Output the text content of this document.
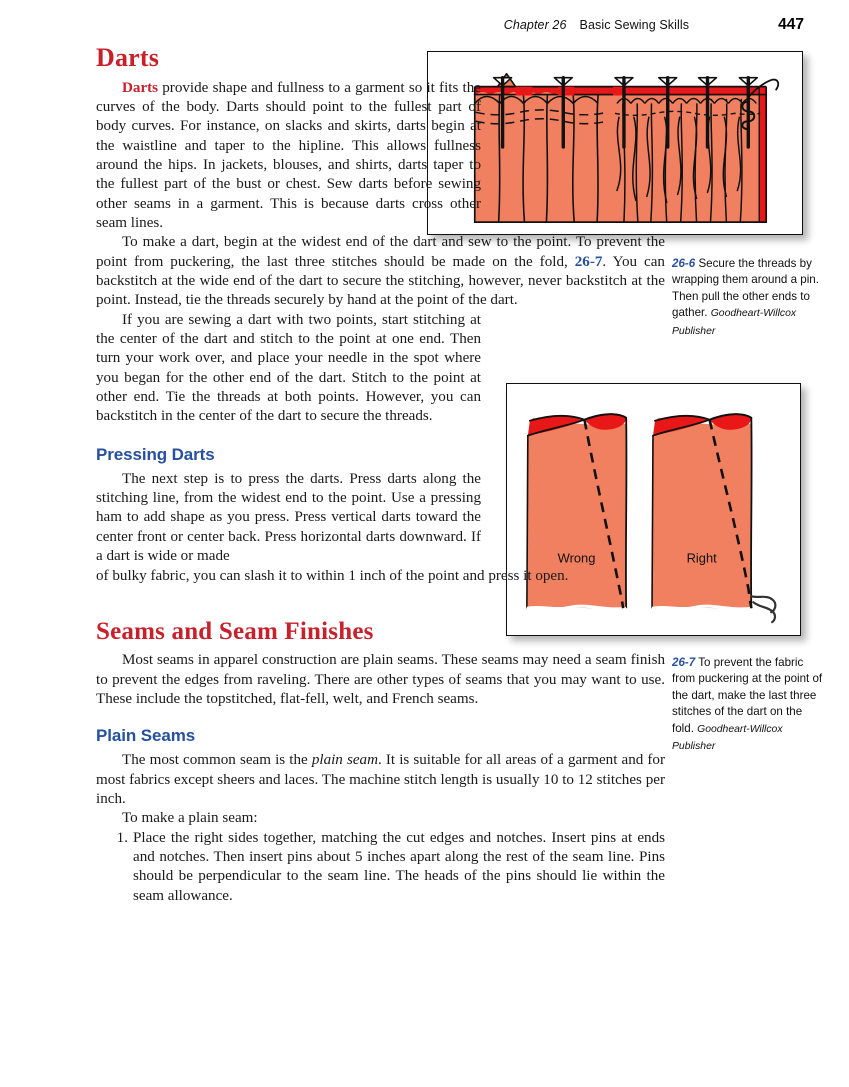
Chapter 26 Basic Sewing Skills	447
26-6 Secure the threads by wrapping them around a pin. Then pull the other ends to gather. Goodheart-Willcox Publisher
Wrong	Right
26-7 To prevent the fabric from puckering at the point of the dart, make the last three stitches of the dart on the fold. Goodheart-Willcox Publisher
Darts

Darts provide shape and fullness to a garment so it fits the curves of the body. Darts should point to the fullest part of body curves. For instance, on slacks and skirts, darts begin at the waistline and taper to the hipline. This allows fullness around the hips. In jackets, blouses, and shirts, darts taper to the fullest part of the bust or chest. Sew darts before sewing other seams in a garment. This is because darts cross other seam lines.

To make a dart, begin at the widest end of the dart and sew to the point. To prevent the point from puckering, the last three stitches should be made on the fold, 26-7. You can backstitch at the wide end of the dart to secure the stitching, however, never backstitch at the point. Instead, tie the threads securely by hand at the point of the dart.

If you are sewing a dart with two points, start stitching at the center of the dart and stitch to the point at one end. Then turn your work over, and place your needle in the spot where you began for the other end of the dart. Stitch to the point at other end. Tie the threads at both points. However, you can backstitch in the center of the dart to secure the threads.

Pressing Darts

The next step is to press the darts. Press darts along the stitching line, from the widest end to the point. Use a pressing ham to add shape as you press. Press vertical darts toward the center front or center back. Press horizontal darts downward. If a dart is wide or made

of bulky fabric, you can slash it to within 1 inch of the point and press it open.

Seams and Seam Finishes

Most seams in apparel construction are plain seams. These seams may need a seam finish to prevent the edges from raveling. There are other types of seams that you may want to use. These include the topstitched, flat-fell, welt, and French seams.

Plain Seams

The most common seam is the plain seam. It is suitable for all areas of a garment and for most fabrics except sheers and laces. The machine stitch length is usually 10 to 12 stitches per inch.

To make a plain seam:

1. Place the right sides together, matching the cut edges and notches. Insert pins at ends and notches. Then insert pins about 5 inches apart along the rest of the seam line. Pins should be perpendicular to the seam line. The heads of the pins should lie within the seam allowance.
